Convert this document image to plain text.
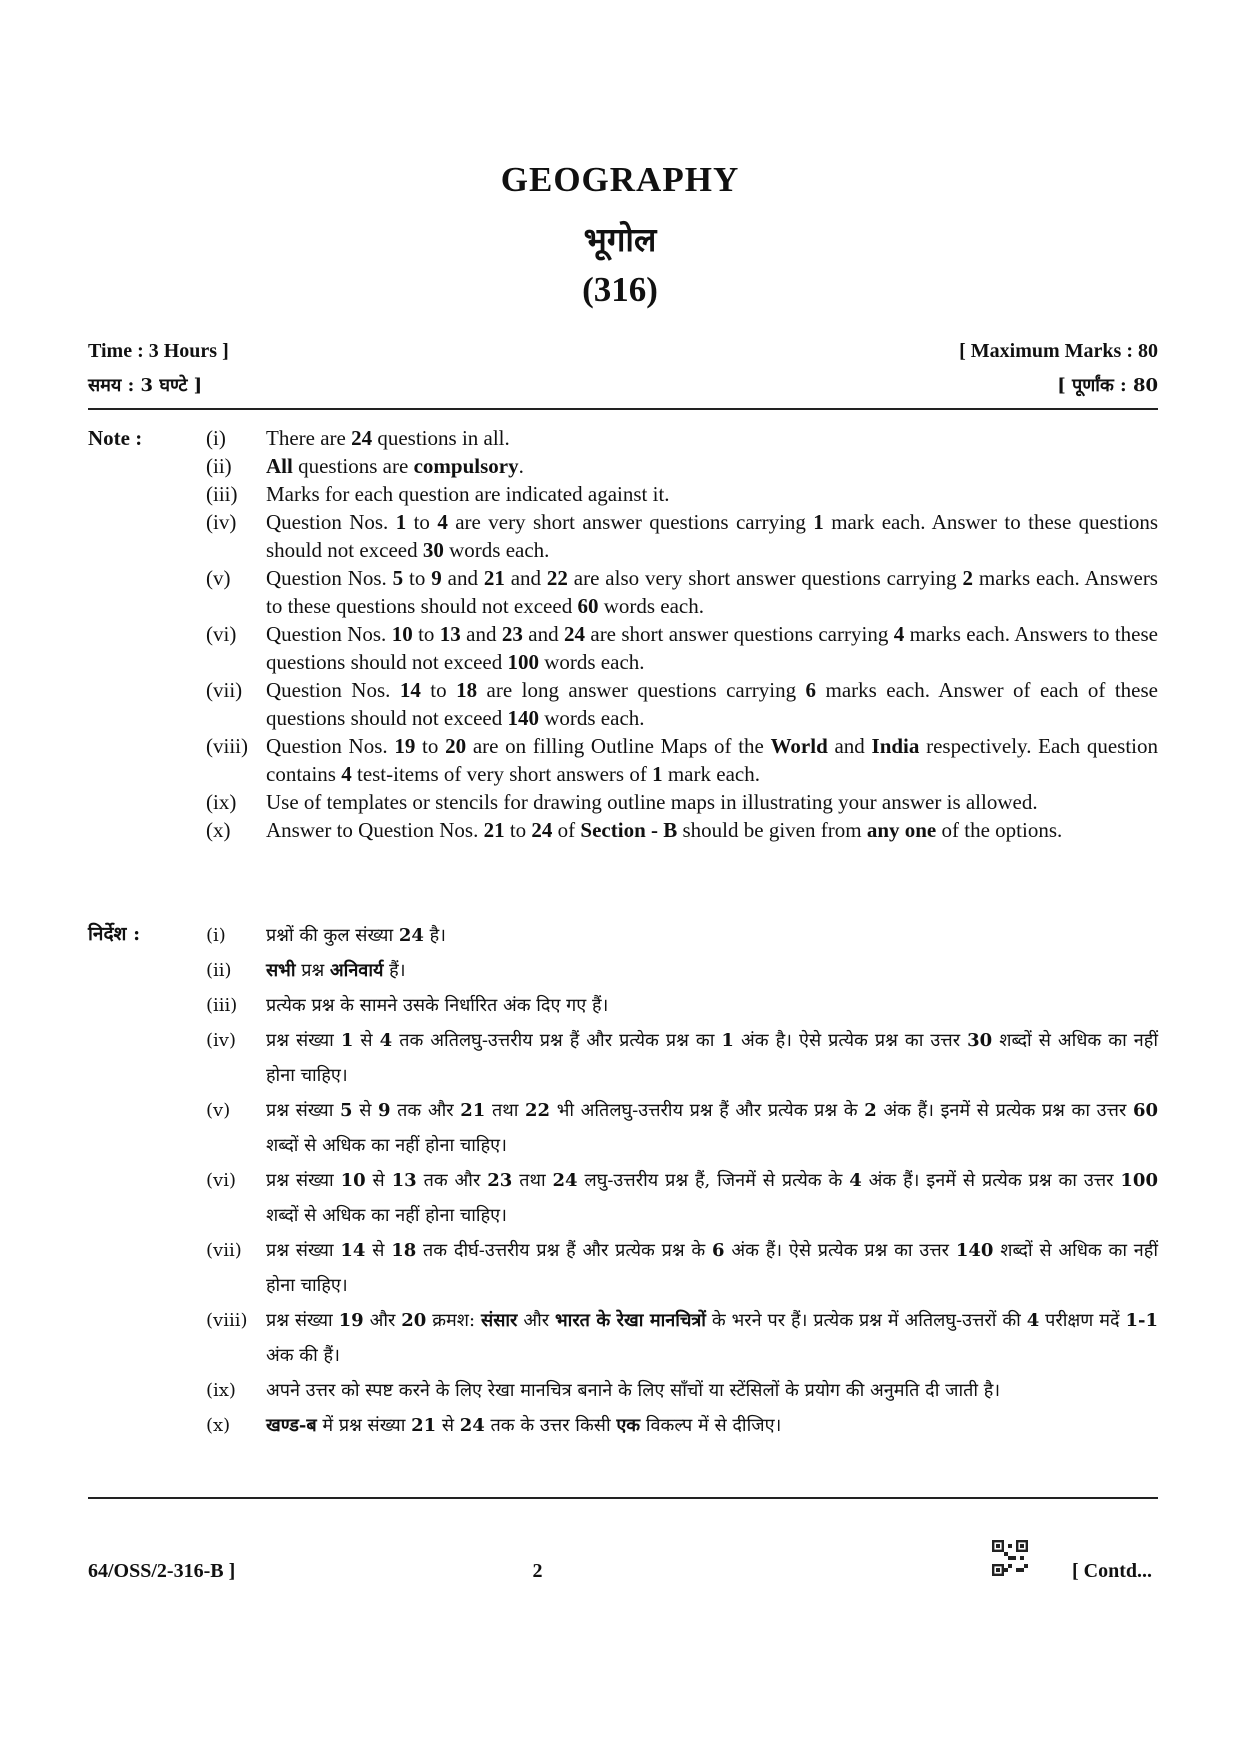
GEOGRAPHY
भूगोल
(316)
Time : 3 Hours ]	[ Maximum Marks : 80
समय : 3 घण्टे ]	[ पूर्णांक : 80
Note :	(i)	There are 24 questions in all.
(ii)	All questions are compulsory.
(iii)	Marks for each question are indicated against it.
(iv)	Question Nos. 1 to 4 are very short answer questions carrying 1 mark each. Answer to these questions should not exceed 30 words each.
(v)	Question Nos. 5 to 9 and 21 and 22 are also very short answer questions carrying 2 marks each. Answers to these questions should not exceed 60 words each.
(vi)	Question Nos. 10 to 13 and 23 and 24 are short answer questions carrying 4 marks each. Answers to these questions should not exceed 100 words each.
(vii)	Question Nos. 14 to 18 are long answer questions carrying 6 marks each. Answer of each of these questions should not exceed 140 words each.
(viii) Question Nos. 19 to 20 are on filling Outline Maps of the World and India respectively. Each question contains 4 test-items of very short answers of 1 mark each.
(ix)	Use of templates or stencils for drawing outline maps in illustrating your answer is allowed.
(x)	Answer to Question Nos. 21 to 24 of Section - B should be given from any one of the options.
निर्देश :	(i)	प्रश्नों की कुल संख्या 24 है।
(ii)	सभी प्रश्न अनिवार्य हैं।
(iii)	प्रत्येक प्रश्न के सामने उसके निर्धारित अंक दिए गए हैं।
(iv)	प्रश्न संख्या 1 से 4 तक अतिलघु-उत्तरीय प्रश्न हैं और प्रत्येक प्रश्न का 1 अंक है। ऐसे प्रत्येक प्रश्न का उत्तर 30 शब्दों से अधिक का नहीं होना चाहिए।
(v)	प्रश्न संख्या 5 से 9 तक और 21 तथा 22 भी अतिलघु-उत्तरीय प्रश्न हैं और प्रत्येक प्रश्न के 2 अंक हैं। इनमें से प्रत्येक प्रश्न का उत्तर 60 शब्दों से अधिक का नहीं होना चाहिए।
(vi)	प्रश्न संख्या 10 से 13 तक और 23 तथा 24 लघु-उत्तरीय प्रश्न हैं, जिनमें से प्रत्येक के 4 अंक हैं। इनमें से प्रत्येक प्रश्न का उत्तर 100 शब्दों से अधिक का नहीं होना चाहिए।
(vii)	प्रश्न संख्या 14 से 18 तक दीर्घ-उत्तरीय प्रश्न हैं और प्रत्येक प्रश्न के 6 अंक हैं। ऐसे प्रत्येक प्रश्न का उत्तर 140 शब्दों से अधिक का नहीं होना चाहिए।
(viii)	प्रश्न संख्या 19 और 20 क्रमश: संसार और भारत के रेखा मानचित्रों के भरने पर हैं। प्रत्येक प्रश्न में अतिलघु-उत्तरों की 4 परीक्षण मदें 1-1 अंक की हैं।
(ix)	अपने उत्तर को स्पष्ट करने के लिए रेखा मानचित्र बनाने के लिए साँचों या स्टेंसिलों के प्रयोग की अनुमति दी जाती है।
(x)	खण्ड-ब में प्रश्न संख्या 21 से 24 तक के उत्तर किसी एक विकल्प में से दीजिए।
64/OSS/2-316-B ]	2	[ Contd...
